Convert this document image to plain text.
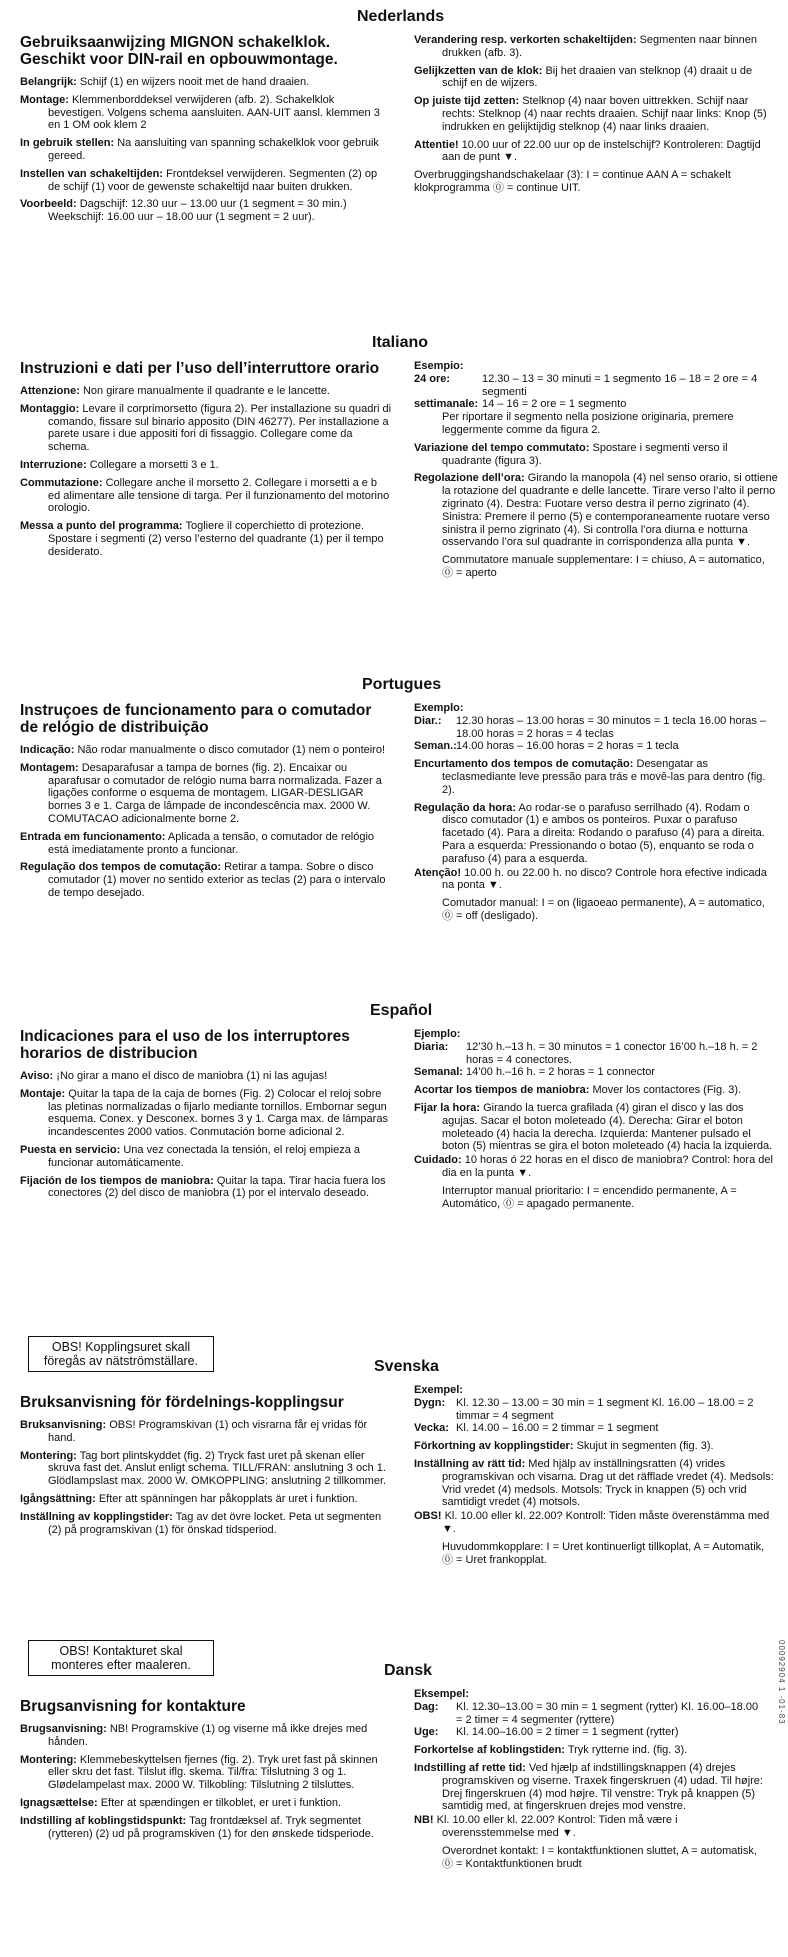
Nederlands
Gebruiksaanwijzing MIGNON schakelklok. Geschikt voor DIN-rail en opbouwmontage.

Belangrijk: Schijf (1) en wijzers nooit met de hand draaien.

Montage: Klemmenborddeksel verwijderen (afb. 2). Schakelklok bevestigen. Volgens schema aansluiten. AAN-UIT aansl. klemmen 3 en 1 OM ook klem 2

In gebruik stellen: Na aansluiting van spanning schakelklok voor gebruik gereed.

Instellen van schakeltijden: Frontdeksel verwijderen. Segmenten (2) op de schijf (1) voor de gewenste schakeltijd naar buiten drukken.

Voorbeeld: Dagschijf: 12.30 uur – 13.00 uur (1 segment = 30 min.) Weekschijf: 16.00 uur – 18.00 uur (1 segment = 2 uur).

Verandering resp. verkorten schakeltijden: Segmenten naar binnen drukken (afb. 3).

Gelijkzetten van de klok: Bij het draaien van stelknop (4) draait u de schijf en de wijzers.

Op juiste tijd zetten: Stelknop (4) naar boven uittrekken. Schijf naar rechts: Stelknop (4) naar rechts draaien. Schijf naar links: Knop (5) indrukken en gelijktijdig stelknop (4) naar links draaien.

Attentie! 10.00 uur of 22.00 uur op de instelschijf? Kontroleren: Dagtijd aan de punt ▼.

Overbruggingshandschakelaar (3): I = continue AAN A = schakelt klokprogramma ⓪ = continue UIT.

Italiano
Instruzioni e dati per l’uso dell’interruttore orario

Attenzione: Non girare manualmente il quadrante e le lancette.

Montaggio: Levare il corprimorsetto (figura 2). Per installazione su quadri di comando, fissare sul binario apposito (DIN 46277). Per installazione a parete usare i due appositi fori di fissaggio. Collegare come da schema.

Interruzione: Collegare a morsetti 3 e 1.

Commutazione: Collegare anche il morsetto 2. Collegare i morsetti a e b ed alimentare alle tensione di targa. Per il funzionamento del motorino orologio.

Messa a punto del programma: Togliere il coperchietto di protezione. Spostare i segmenti (2) verso l’esterno del quadrante (1) per il tempo desiderato.

Esempio:
24 ore:	12.30 – 13 = 30 minuti = 1 segmento 16 – 18 = 2 ore = 4 segmenti
settimanale: 14 – 16 = 2 ore = 1 segmento
Per riportare il segmento nella posizione originaria, premere leggermente comme da figura 2.

Variazione del tempo commutato: Spostare i segmenti verso il quadrante (figura 3).

Regolazione dell’ora: Girando la manopola (4) nel senso orario, si ottiene la rotazione del quadrante e delle lancette. Tirare verso l’alto il perno zigrinato (4). Destra: Fuotare verso destra il perno zigrinato (4). Sinistra: Premere il perno (5) e contemporaneamente ruotare verso sinistra il perno zigrinato (4). Si controlla l’ora diurna e notturna osservando l’ora sul quadrante in corrispondenza alla punta ▼.

Commutatore manuale supplementare: I = chiuso, A = automatico, ⓪ = aperto

Portugues
Instruçoes de funcionamento para o comutador de relógio de distribuiçāo

Indicação: Não rodar manualmente o disco comutador (1) nem o ponteiro!

Montagem: Desaparafusar a tampa de bornes (fig. 2). Encaixar ou aparafusar o comutador de relógio numa barra normalizada. Fazer a ligações conforme o esquema de montagem. LIGAR-DESLIGAR bornes 3 e 1. Carga de lâmpade de incondescência max. 2000 W. COMUTACAO adicionalmente borne 2.

Entrada em funcionamento: Aplicada a tensão, o comutador de relógio está imediatamente pronto a funcionar.

Regulação dos tempos de comutação: Retirar a tampa. Sobre o disco comutador (1) mover no sentido exterior as teclas (2) para o intervalo de tempo desejado.

Exemplo:
Diar.:	12.30 horas – 13.00 horas = 30 minutos = 1 tecla 16.00 horas – 18.00 horas = 2 horas = 4 teclas
Seman.: 14.00 horas – 16.00 horas = 2 horas = 1 tecla

Encurtamento dos tempos de comutação: Desengatar as teclasmediante leve pressão para trás e movê-las para dentro (fig. 2).

Regulação da hora: Ao rodar-se o parafuso serrilhado (4). Rodam o disco comutador (1) e ambos os ponteiros. Puxar o parafuso facetado (4). Para a direita: Rodando o parafuso (4) para a direita. Para a esquerda: Pressionando o botao (5), enquanto se roda o parafuso (4) para a esquerda.

Atenção! 10.00 h. ou 22.00 h. no disco? Controle hora efective indicada na ponta ▼.

Comutador manual: I = on (ligaoeao permanente), A = automatico, ⓪ = off (desligado).

Español
Indicaciones para el uso de los interruptores horarios de distribucion

Aviso: ¡No girar a mano el disco de maniobra (1) ni las agujas!

Montaje: Quitar la tapa de la caja de bornes (Fig. 2) Colocar el reloj sobre las pletinas normalizadas o fijarlo mediante tornillos. Embornar segun esquema. Conex. y Desconex. bornes 3 y 1. Carga max. de lámparas incandescentes 2000 vatios. Conmutación borne adicional 2.

Puesta en servicio: Una vez conectada la tensión, el reloj empieza a funcionar automáticamente.

Fijación de los tiempos de maniobra: Quitar la tapa. Tirar hacia fuera los conectores (2) del disco de maniobra (1) por el intervalo deseado.

Ejemplo:
Diaria:	12’30 h.–13 h. = 30 minutos = 1 conector 16’00 h.–18 h. = 2 horas = 4 conectores.
Semanal: 14’00 h.–16 h. = 2 horas = 1 connector

Acortar los tiempos de maniobra: Mover los contactores (Fig. 3).

Fijar la hora: Girando la tuerca grafilada (4) giran el disco y las dos agujas. Sacar el boton moleteado (4). Derecha: Girar el boton moleteado (4) hacia la derecha. Izquierda: Mantener pulsado el boton (5) mientras se gira el boton moleteado (4) hacia la izquierda.

Cuidado: 10 horas ó 22 horas en el disco de maniobra? Control: hora del dia en la punta ▼.

Interruptor manual prioritario: I = encendido permanente, A = Automático, ⓪ = apagado permanente.

OBS! Kopplingsuret skall föregås av nätströmställare.	Svenska
Bruksanvisning för fördelnings-kopplingsur

Bruksanvisning: OBS! Programskivan (1) och visrarna får ej vridas för hand.

Montering: Tag bort plintskyddet (fig. 2) Tryck fast uret på skenan eller skruva fast det. Anslut enligt schema. TILL/FRAN: anslutning 3 och 1. Glödlampslast max. 2000 W. OMKOPPLING: anslutning 2 tillkommer.

Igångsättning: Efter att spänningen har påkopplats är uret i funktion.

Inställning av kopplingstider: Tag av det övre locket. Peta ut segmenten (2) på programskivan (1) för önskad tidsperiod.

Exempel:
Dygn: Kl. 12.30 – 13.00 = 30 min = 1 segment Kl. 16.00 – 18.00 = 2 timmar = 4 segment
Vecka: Kl. 14.00 – 16.00 = 2 timmar = 1 segment

Förkortning av kopplingstider: Skujut in segmenten (fig. 3).

Inställning av rätt tid: Med hjälp av inställningsratten (4) vrides programskivan och visarna. Drag ut det räfflade vredet (4). Medsols: Vrid vredet (4) medsols. Motsols: Tryck in knappen (5) och vrid samtidigt vredet (4) motsols.

OBS! Kl. 10.00 eller kl. 22.00? Kontroll: Tiden måste överenstämma med ▼.

Huvudommkopplare: I = Uret kontinuerligt tillkoplat, A = Automatik, ⓪ = Uret frankopplat.

OBS! Kontakturet skal monteres efter maaleren.	Dansk
Brugsanvisning for kontakture

Brugsanvisning: NB! Programskive (1) og viserne må ikke drejes med hånden.

Montering: Klemmebeskyttelsen fjernes (fig. 2). Tryk uret fast på skinnen eller skru det fast. Tilslut iflg. skema. Til/fra: Tilslutning 3 og 1. Glødelampelast max. 2000 W. Tilkobling: Tilslutning 2 tilsluttes.

Ignagsættelse: Efter at spændingen er tilkoblet, er uret i funktion.

Indstilling af koblingstidspunkt: Tag frontdæksel af. Tryk segmentet (rytteren) (2) ud på programskiven (1) for den ønskede tidsperiode.

Eksempel:
Dag:	Kl. 12.30–13.00 = 30 min = 1 segment (rytter) Kl. 16.00–18.00 = 2 timer = 4 segmenter (ryttere)
Uge:	Kl. 14.00–16.00 = 2 timer = 1 segment (rytter)

Forkortelse af koblingstiden: Tryk rytterne ind. (fig. 3).

Indstilling af rette tid: Ved hjælp af indstillingsknappen (4) drejes programskiven og viserne. Traxek fingerskruen (4) udad. Til højre: Drej fingerskruen (4) mod højre. Til venstre: Tryk på knappen (5) samtidig med, at fingerskruen drejes mod venstre.

NB! Kl. 10.00 eller kl. 22.00? Kontrol: Tiden må være i overensstemmelse med ▼.

Overordnet kontakt: I = kontaktfunktionen sluttet, A = automatisk, ⓪ = Kontaktfunktionen brudt

00092904 1 -01-83
